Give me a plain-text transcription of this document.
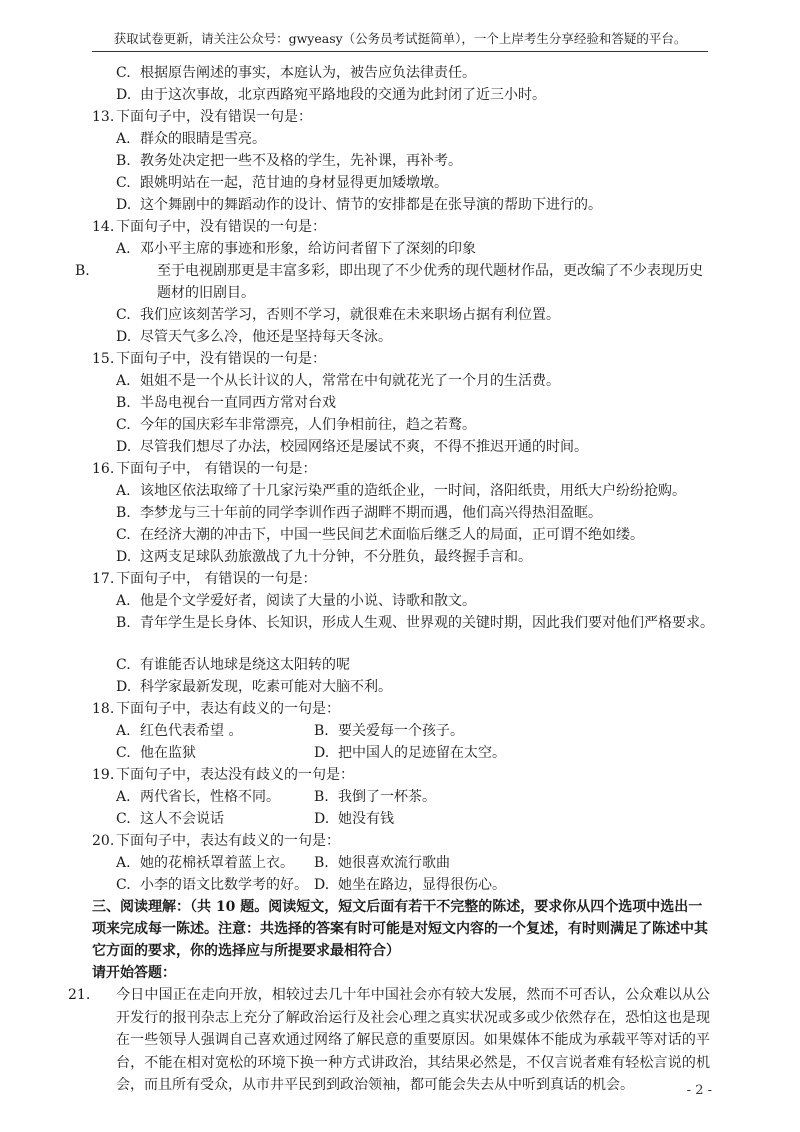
获取试卷更新，请关注公众号：gwyeasy（公务员考试挺简单），一个上岸考生分享经验和答疑的平台。
C. 根据原告阐述的事实，本庭认为，被告应负法律责任。
D. 由于这次事故，北京西路宛平路地段的交通为此封闭了近三小时。
13. 下面句子中，没有错误一句是：
A. 群众的眼睛是雪亮。
B. 教务处决定把一些不及格的学生，先补课，再补考。
C. 跟姚明站在一起，范甘迪的身材显得更加矮墩墩。
D. 这个舞剧中的舞蹈动作的设计、情节的安排都是在张导演的帮助下进行的。
14. 下面句子中，没有错误的一句是：
A. 邓小平主席的事迹和形象，给访问者留下了深刻的印象
B.	至于电视剧那更是丰富多彩，即出现了不少优秀的现代题材作品，更改编了不少表现历史题材的旧剧目。
C. 我们应该刻苦学习，否则不学习，就很难在未来职场占据有利位置。
D. 尽管天气多么冷，他还是坚持每天冬泳。
15. 下面句子中，没有错误的一句是：
A. 姐姐不是一个从长计议的人，常常在中旬就花光了一个月的生活费。
B. 半岛电视台一直同西方常对台戏
C. 今年的国庆彩车非常漂亮，人们争相前往，趋之若鹜。
D. 尽管我们想尽了办法，校园网络还是屡试不爽，不得不推迟开通的时间。
16. 下面句子中， 有错误的一句是：
A. 该地区依法取缔了十几家污染严重的造纸企业，一时间，洛阳纸贵，用纸大户纷纷抢购。
B. 李梦龙与三十年前的同学李训作西子湖畔不期而遇，他们高兴得热泪盈眶。
C. 在经济大潮的冲击下，中国一些民间艺术面临后继乏人的局面，正可谓不绝如缕。
D. 这两支足球队劲旅激战了九十分钟，不分胜负，最终握手言和。
17. 下面句子中， 有错误的一句是：
A. 他是个文学爱好者，阅读了大量的小说、诗歌和散文。
B. 青年学生是长身体、长知识，形成人生观、世界观的关键时期，因此我们要对他们严格要求。
C. 有谁能否认地球是绕这太阳转的呢
D. 科学家最新发现，吃素可能对大脑不利。
18. 下面句子中，表达有歧义的一句是：
A. 红色代表希望 。	B. 要关爱每一个孩子。
C. 他在监狱	D. 把中国人的足迹留在太空。
19. 下面句子中，表达没有歧义的一句是：
A. 两代省长，性格不同。 B. 我倒了一杯茶。
C. 这人不会说话	D. 她没有钱
20. 下面句子中，表达有歧义的一句是：
A. 她的花棉袄罩着蓝上衣。 B. 她很喜欢流行歌曲
C. 小李的语文比数学考的好。 D. 她坐在路边，显得很伤心。
三、阅读理解：（共 10 题。阅读短文，短文后面有若干不完整的陈述，要求你从四个选项中选出一项来完成每一陈述。注意：共选择的答案有时可能是对短文内容的一个复述，有时则满足了陈述中其它方面的要求，你的选择应与所提要求最相符合）
请开始答题：
21. 今日中国正在走向开放，相较过去几十年中国社会亦有较大发展，然而不可否认，公众难以从公开发行的报刊杂志上充分了解政治运行及社会心理之真实状况或多或少依然存在，恐怕这也是现在一些领导人强调自己喜欢通过网络了解民意的重要原因。如果媒体不能成为承载平等对话的平台，不能在相对宽松的环境下换一种方式讲政治，其结果必然是，不仅言说者难有轻松言说的机会，而且所有受众，从市井平民到到政治领袖，都可能会失去从中听到真话的机会。	- 2 -
